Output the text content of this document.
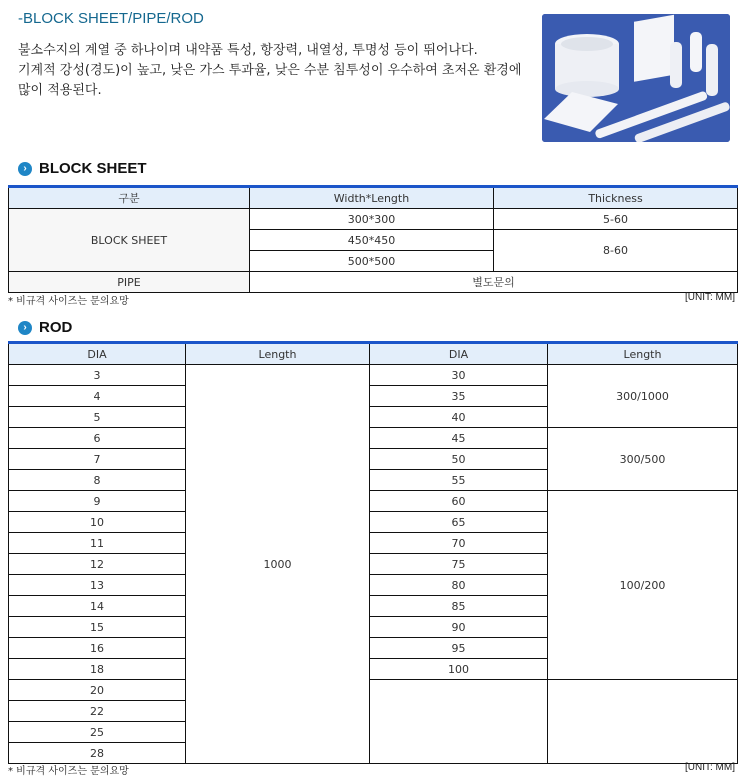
-BLOCK SHEET/PIPE/ROD
불소수지의 계열 중 하나이며 내약품 특성, 항장력, 내열성, 투명성 등이 뛰어나다.
기계적 강성(경도)이 높고, 낮은 가스 투과율, 낮은 수분 침투성이 우수하여 초저온 환경에
많이 적용된다.
› BLOCK SHEET
구분	Width*Length	Thickness
BLOCK SHEET	300*300	5-60
	450*450	8-60
	500*500	
PIPE	별도문의	
* 비규격 사이즈는 문의요망	[UNIT: MM]
› ROD
DIA	Length	DIA	Length
3	1000	30	300/1000
4		35	
5		40	
6		45	300/500
7		50	
8		55	
9		60	100/200
10		65	
11		70	
12		75	
13		80	
14		85	
15		90	
16		95	
18		100	
20			
22			
25			
28			
* 비규격 사이즈는 문의요망	[UNIT: MM]
